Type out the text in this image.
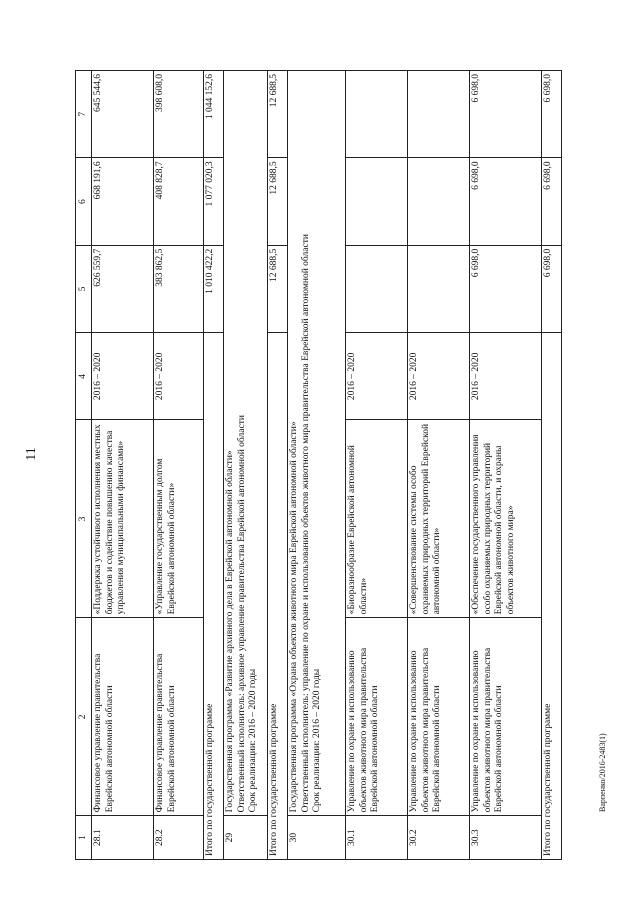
11
Варпенко/2016-2483(1)
1	2	3	4	5	6	7
28.1	Финансовое управление правительства Еврейской автономной области	«Поддержка устойчивого исполнения местных бюджетов и содействие повышению качества управления муниципальными финансами»	2016 – 2020	626 559,7	668 191,6	645 544,6
28.2	Финансовое управление правительства Еврейской автономной области	«Управление государственным долгом Еврейской автономной области»	2016 – 2020	383 862,5	408 828,7	398 608,0
Итого по государственной программе				1 010 422,2	1 077 020,3	1 044 152,6
29	Государственная программа «Развитие архивного дела в Еврейской автономной области» Ответственный исполнитель: архивное управление правительства Еврейской автономной области Срок реализации: 2016 – 2020 годы					

Итого по государственной программе				12 688,5	12 688,5	12 688,5
30	Государственная программа «Охрана объектов животного мира Еврейской автономной области» Ответственный исполнитель: управление по охране и использованию объектов животного мира правительства Еврейской автономной области Срок реализации: 2016 – 2020 годы					

30.1	Управление по охране и использованию объектов животного мира правительства Еврейской автономной области	«Биоразнообразие Еврейской автономной области»	2016 – 2020			
30.2	Управление по охране и использованию объектов животного мира правительства Еврейской автономной области	«Совершенствование системы особо охраняемых природных территорий Еврейской автономной области»	2016 – 2020			
30.3	Управление по охране и использованию объектов животного мира правительства Еврейской автономной области	«Обеспечение государственного управления особо охраняемых природных территорий Еврейской автономной области, и охраны объектов животного мира»	2016 – 2020	6 698,0	6 698,0	6 698,0
Итого по государственной программе				6 698,0	6 698,0	6 698,0
